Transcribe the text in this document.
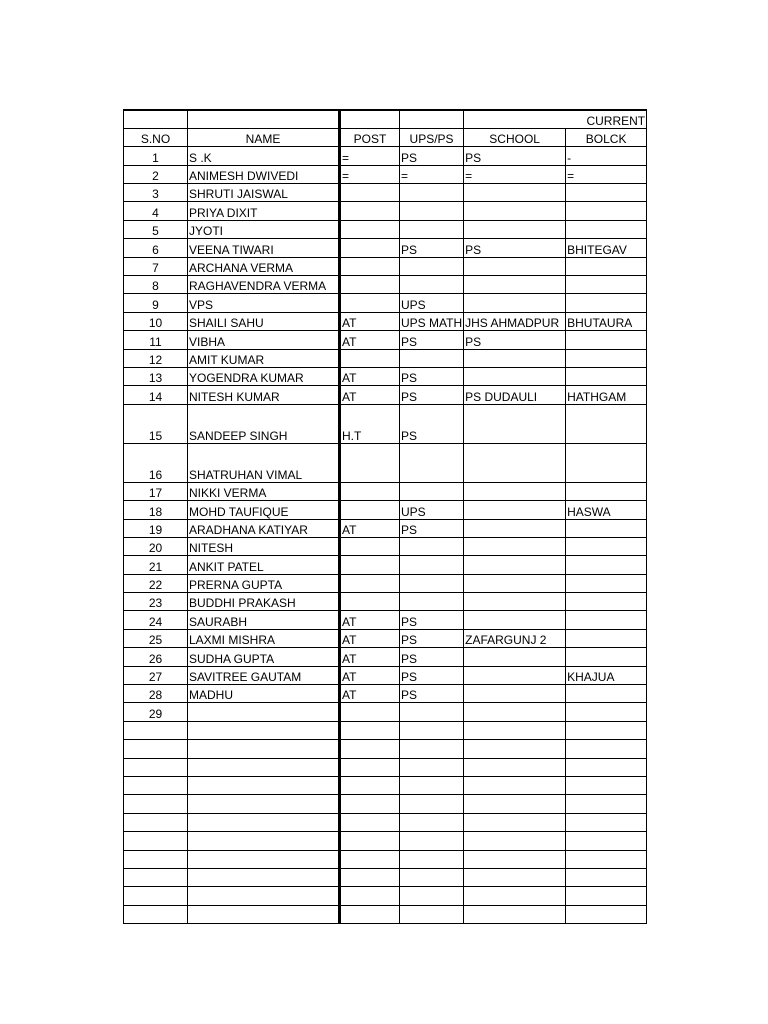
					CURRENT
S.NO	NAME	POST	UPS/PS	SCHOOL	BOLCK
1	S .K	=	PS	PS	-
2	ANIMESH DWIVEDI	=	=	=	=
3	SHRUTI JAISWAL				
4	PRIYA DIXIT				
5	JYOTI				
6	VEENA TIWARI		PS	PS	BHITEGAV
7	ARCHANA VERMA				
8	RAGHAVENDRA VERMA				
9	VPS		UPS		
10	SHAILI SAHU	AT	UPS MATH	JHS AHMADPUR	BHUTAURA
11	VIBHA	AT	PS	PS	
12	AMIT KUMAR				
13	YOGENDRA KUMAR	AT	PS		
14	NITESH KUMAR	AT	PS	PS DUDAULI	HATHGAM
15	SANDEEP SINGH	H.T	PS		
16	SHATRUHAN VIMAL				
17	NIKKI VERMA				
18	MOHD TAUFIQUE		UPS		HASWA
19	ARADHANA KATIYAR	AT	PS		
20	NITESH				
21	ANKIT PATEL				
22	PRERNA GUPTA				
23	BUDDHI PRAKASH				
24	SAURABH	AT	PS		
25	LAXMI MISHRA	AT	PS	ZAFARGUNJ 2	
26	SUDHA GUPTA	AT	PS		
27	SAVITREE GAUTAM	AT	PS		KHAJUA
28	MADHU	AT	PS		
29					
